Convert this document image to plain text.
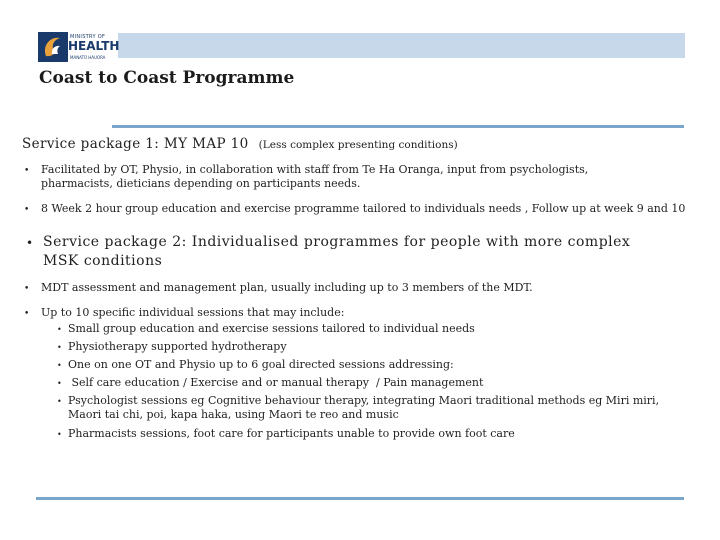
MINISTRY OF
HEALTH
MANATŪ HAUORA
Coast to Coast Programme
Service package 1: MY MAP 10 (Less complex presenting conditions)
• Facilitated by OT, Physio, in collaboration with staff from Te Ha Oranga, input from psychologists, pharmacists, dieticians depending on participants needs.
• 8 Week 2 hour group education and exercise programme tailored to individuals needs , Follow up at week 9 and 10
• Service package 2: Individualised programmes for people with more complex MSK conditions
• MDT assessment and management plan, usually including up to 3 members of the MDT.
• Up to 10 specific individual sessions that may include:
• Small group education and exercise sessions tailored to individual needs
• Physiotherapy supported hydrotherapy
• One on one OT and Physio up to 6 goal directed sessions addressing:
• Self care education / Exercise and or manual therapy  / Pain management
• Psychologist sessions eg Cognitive behaviour therapy, integrating Maori traditional methods eg Miri miri, Maori tai chi, poi, kapa haka, using Maori te reo and music
• Pharmacists sessions, foot care for participants unable to provide own foot care
